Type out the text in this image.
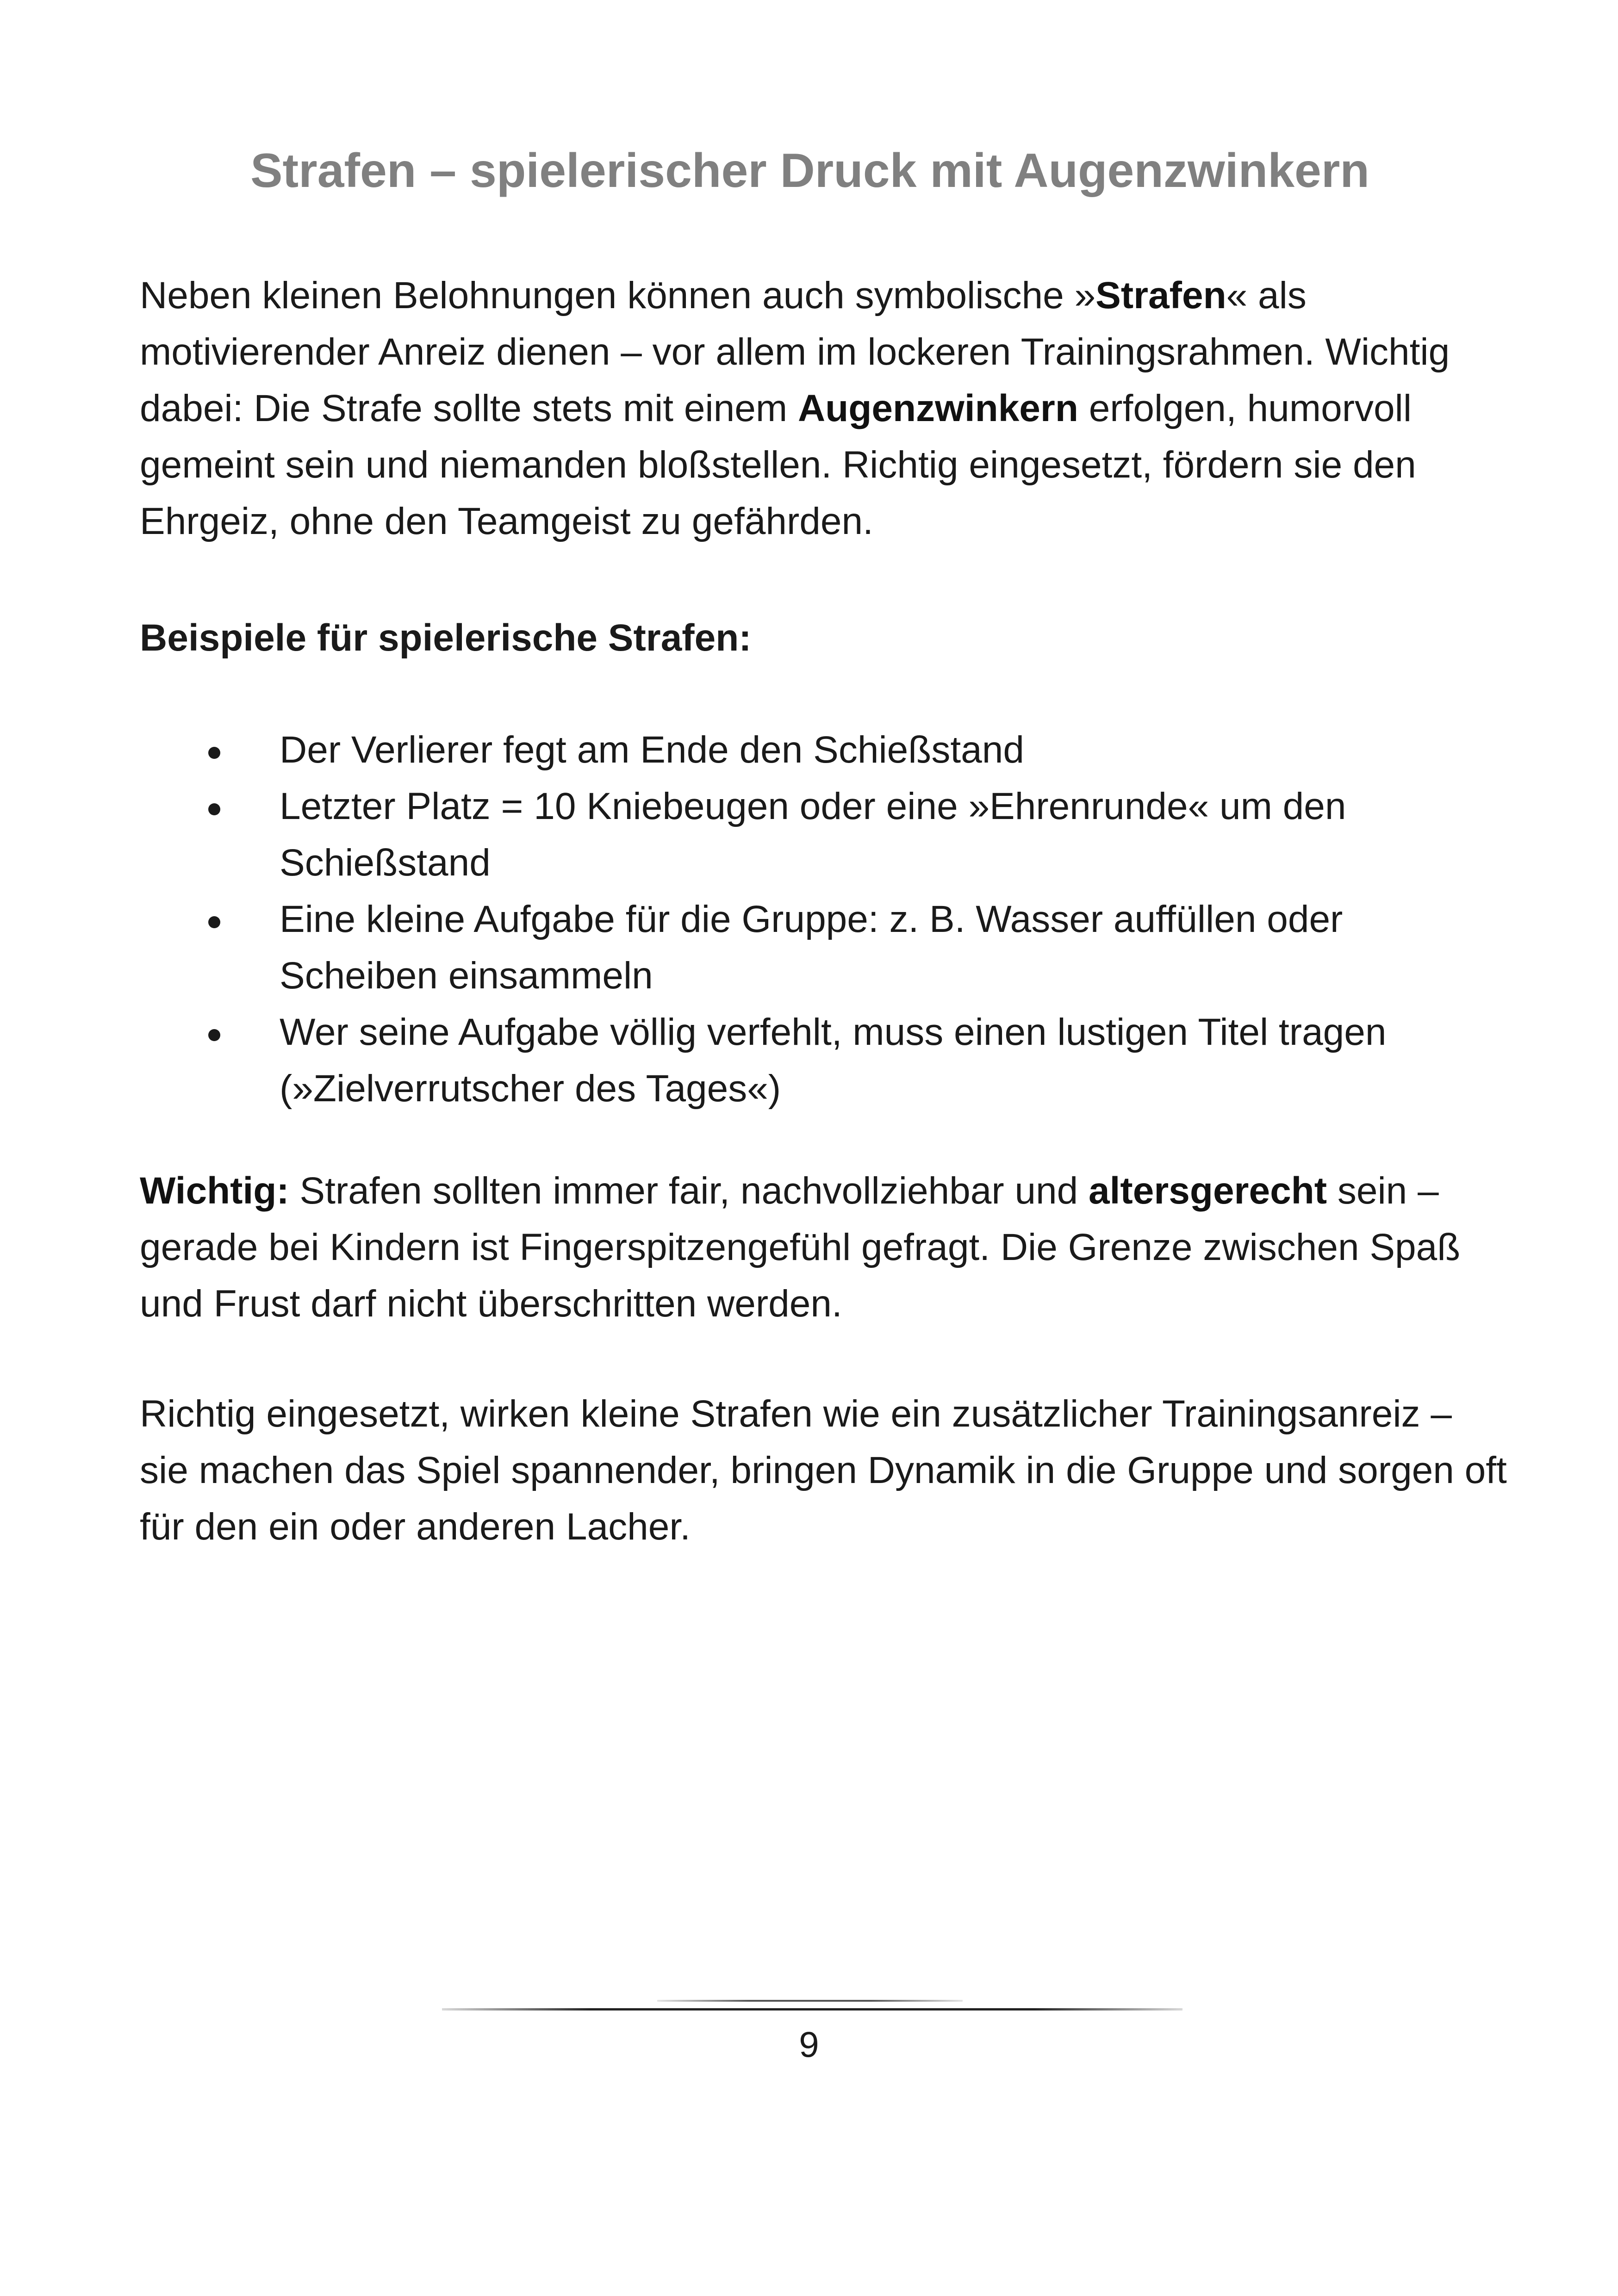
Strafen – spielerischer Druck mit Augenzwinkern

Neben kleinen Belohnungen können auch symbolische »Strafen« als motivierender Anreiz dienen – vor allem im lockeren Trainingsrahmen. Wichtig dabei: Die Strafe sollte stets mit einem Augenzwinkern erfolgen, humorvoll gemeint sein und niemanden bloßstellen. Richtig eingesetzt, fördern sie den Ehrgeiz, ohne den Teamgeist zu gefährden.

Beispiele für spielerische Strafen:

Der Verlierer fegt am Ende den Schießstand
Letzter Platz = 10 Kniebeugen oder eine »Ehrenrunde« um den Schießstand
Eine kleine Aufgabe für die Gruppe: z. B. Wasser auffüllen oder Scheiben einsammeln
Wer seine Aufgabe völlig verfehlt, muss einen lustigen Titel tragen (»Zielverrutscher des Tages«)

Wichtig: Strafen sollten immer fair, nachvollziehbar und altersgerecht sein – gerade bei Kindern ist Fingerspitzengefühl gefragt. Die Grenze zwischen Spaß und Frust darf nicht überschritten werden.

Richtig eingesetzt, wirken kleine Strafen wie ein zusätzlicher Trainingsanreiz – sie machen das Spiel spannender, bringen Dynamik in die Gruppe und sorgen oft für den ein oder anderen Lacher.

9
